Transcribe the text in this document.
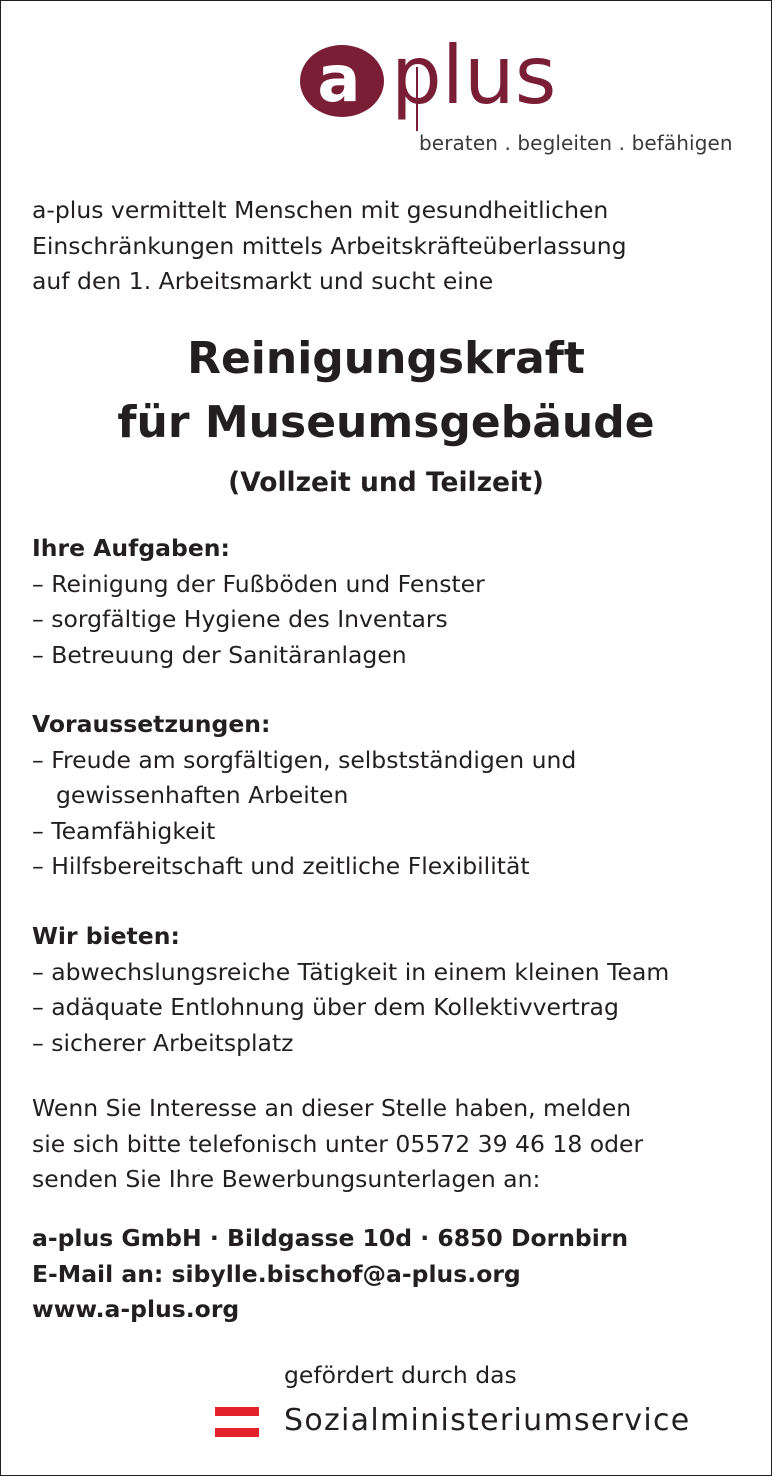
a plus
beraten . begleiten . befähigen
a-plus vermittelt Menschen mit gesundheitlichen
Einschränkungen mittels Arbeitskräfteüberlassung
auf den 1. Arbeitsmarkt und sucht eine
Reinigungskraft
für Museumsgebäude
(Vollzeit und Teilzeit)
Ihre Aufgaben:
– Reinigung der Fußböden und Fenster
– sorgfältige Hygiene des Inventars
– Betreuung der Sanitäranlagen
Voraussetzungen:
– Freude am sorgfältigen, selbstständigen und
gewissenhaften Arbeiten
– Teamfähigkeit
– Hilfsbereitschaft und zeitliche Flexibilität
Wir bieten:
– abwechslungsreiche Tätigkeit in einem kleinen Team
– adäquate Entlohnung über dem Kollektivvertrag
– sicherer Arbeitsplatz
Wenn Sie Interesse an dieser Stelle haben, melden
sie sich bitte telefonisch unter 05572 39 46 18 oder
senden Sie Ihre Bewerbungsunterlagen an:
a-plus GmbH · Bildgasse 10d · 6850 Dornbirn
E-Mail an: sibylle.bischof@a-plus.org
www.a-plus.org
gefördert durch das
Sozialministeriumservice
